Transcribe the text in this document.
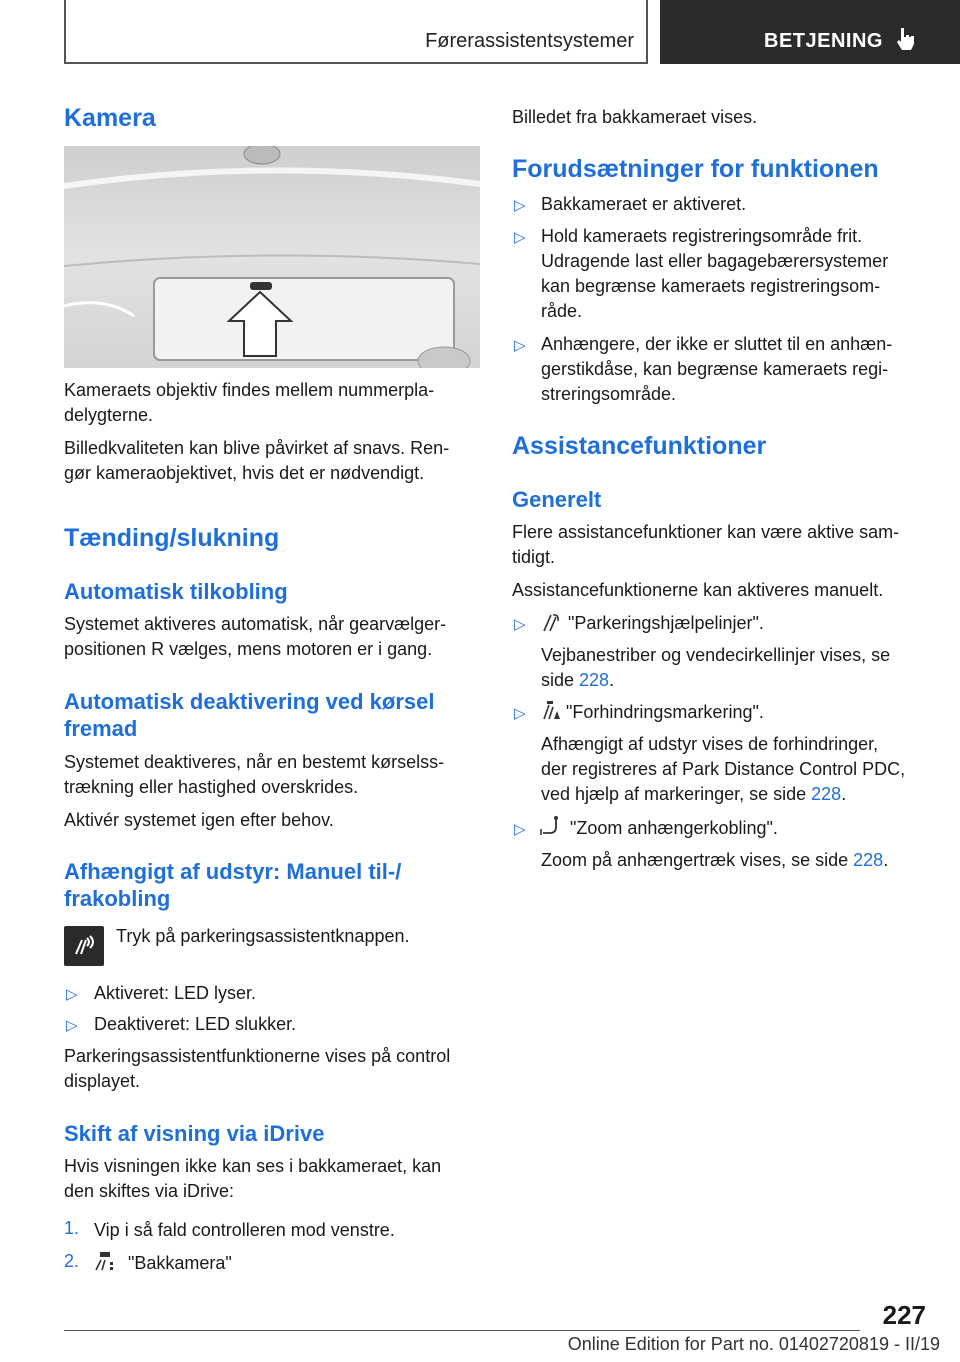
Førerassistentsystemer	BETJENING
Kamera
Kameraets objektiv findes mellem nummerpla-
delygterne.
Billedkvaliteten kan blive påvirket af snavs. Ren-
gør kameraobjektivet, hvis det er nødvendigt.
Tænding/slukning
Automatisk tilkobling
Systemet aktiveres automatisk, når gearvælger-
positionen R vælges, mens motoren er i gang.
Automatisk deaktivering ved kørsel
fremad
Systemet deaktiveres, når en bestemt kørselss-
trækning eller hastighed overskrides.
Aktivér systemet igen efter behov.
Afhængigt af udstyr: Manuel til-/
frakobling
Tryk på parkeringsassistentknappen.
▷ Aktiveret: LED lyser.
▷ Deaktiveret: LED slukker.
Parkeringsassistentfunktionerne vises på control
displayet.
Skift af visning via iDrive
Hvis visningen ikke kan ses i bakkameraet, kan
den skiftes via iDrive:
1. Vip i så fald controlleren mod venstre.
2.	"Bakkamera"
Billedet fra bakkameraet vises.
Forudsætninger for funktionen
▷ Bakkameraet er aktiveret.
▷ Hold kameraets registreringsområde frit.
Udragende last eller bagagebærersystemer
kan begrænse kameraets registreringsom-
råde.
▷ Anhængere, der ikke er sluttet til en anhæn-
gerstikdåse, kan begrænse kameraets regi-
streringsområde.
Assistancefunktioner
Generelt
Flere assistancefunktioner kan være aktive sam-
tidigt.
Assistancefunktionerne kan aktiveres manuelt.
▷ "Parkeringshjælpelinjer".
Vejbanestriber og vendecirkellinjer vises, se
side 228.
▷ "Forhindringsmarkering".
Afhængigt af udstyr vises de forhindringer,
der registreres af Park Distance Control PDC,
ved hjælp af markeringer, se side 228.
▷ "Zoom anhængerkobling".
Zoom på anhængertræk vises, se side 228.
227
Online Edition for Part no. 01402720819 - II/19
